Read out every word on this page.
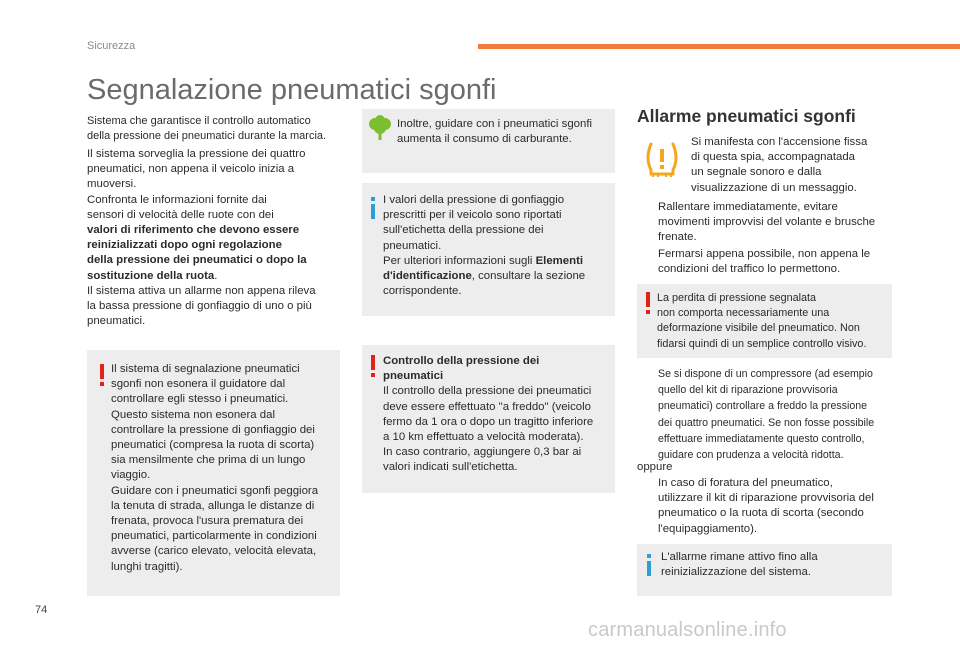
Sicurezza
Segnalazione pneumatici sgonfi

Sistema che garantisce il controllo automatico

della pressione dei pneumatici durante la marcia.

Il sistema sorveglia la pressione dei quattro

pneumatici, non appena il veicolo inizia a

muoversi.

Confronta le informazioni fornite dai

sensori di velocità delle ruote con dei

valori di riferimento che devono essere

reinizializzati dopo ogni regolazione

della pressione dei pneumatici o dopo la

sostituzione della ruota.

Il sistema attiva un allarme non appena rileva

la bassa pressione di gonfiaggio di uno o più

pneumatici.

Il sistema di segnalazione pneumatici
sgonfi non esonera il guidatore dal
controllare egli stesso i pneumatici.
Questo sistema non esonera dal
controllare la pressione di gonfiaggio dei
pneumatici (compresa la ruota di scorta)
sia mensilmente che prima di un lungo
viaggio.
Guidare con i pneumatici sgonfi peggiora
la tenuta di strada, allunga le distanze di
frenata, provoca l'usura prematura dei
pneumatici, particolarmente in condizioni
avverse (carico elevato, velocità elevata,
lunghi tragitti).
Inoltre, guidare con i pneumatici sgonfi
aumenta il consumo di carburante.
I valori della pressione di gonfiaggio
prescritti per il veicolo sono riportati
sull'etichetta della pressione dei
pneumatici.
Per ulteriori informazioni sugli Elementi
d'identificazione, consultare la sezione
corrispondente.
Controllo della pressione dei
pneumatici
Il controllo della pressione dei pneumatici
deve essere effettuato "a freddo" (veicolo
fermo da 1 ora o dopo un tragitto inferiore
a 10 km effettuato a velocità moderata).
In caso contrario, aggiungere 0,3 bar ai
valori indicati sull'etichetta.
Allarme pneumatici sgonfi
Si manifesta con l'accensione fissa
di questa spia, accompagnatada
un segnale sonoro e dalla
visualizzazione di un messaggio.
Rallentare immediatamente, evitare
movimenti improvvisi del volante e brusche
frenate.
Fermarsi appena possibile, non appena le
condizioni del traffico lo permettono.
La perdita di pressione segnalata
non comporta necessariamente una
deformazione visibile del pneumatico. Non
fidarsi quindi di un semplice controllo visivo.
Se si dispone di un compressore (ad esempio
quello del kit di riparazione provvisoria
pneumatici) controllare a freddo la pressione
dei quattro pneumatici. Se non fosse possibile
effettuare immediatamente questo controllo,
guidare con prudenza a velocità ridotta.
oppure
In caso di foratura del pneumatico,
utilizzare il kit di riparazione provvisoria del
pneumatico o la ruota di scorta (secondo
l'equipaggiamento).
L'allarme rimane attivo fino alla
reinizializzazione del sistema.
74
carmanualsonline.info
